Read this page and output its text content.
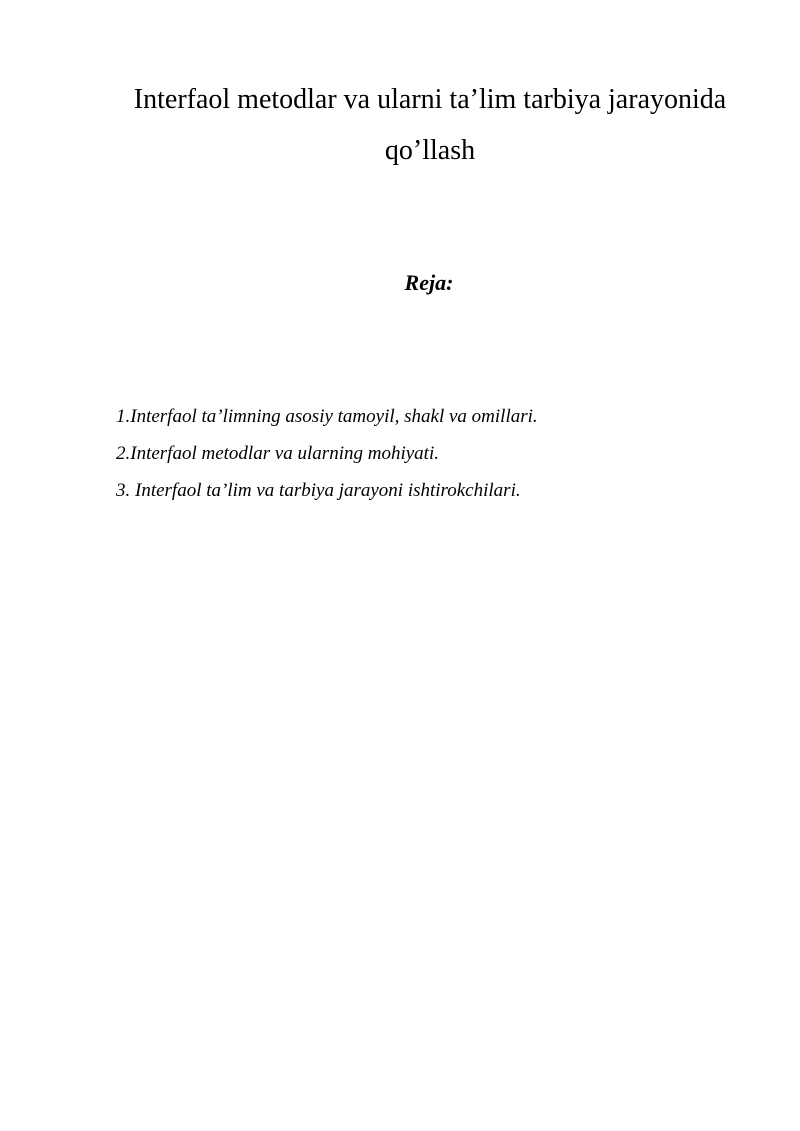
Interfaol metodlar va ularni ta’lim tarbiya jarayonida
qo’llash
Reja:
1.Interfaol ta’limning asosiy tamoyil, shakl va omillari.
2.Interfaol metodlar va ularning mohiyati.
3. Interfaol ta’lim va tarbiya jarayoni ishtirokchilari.
